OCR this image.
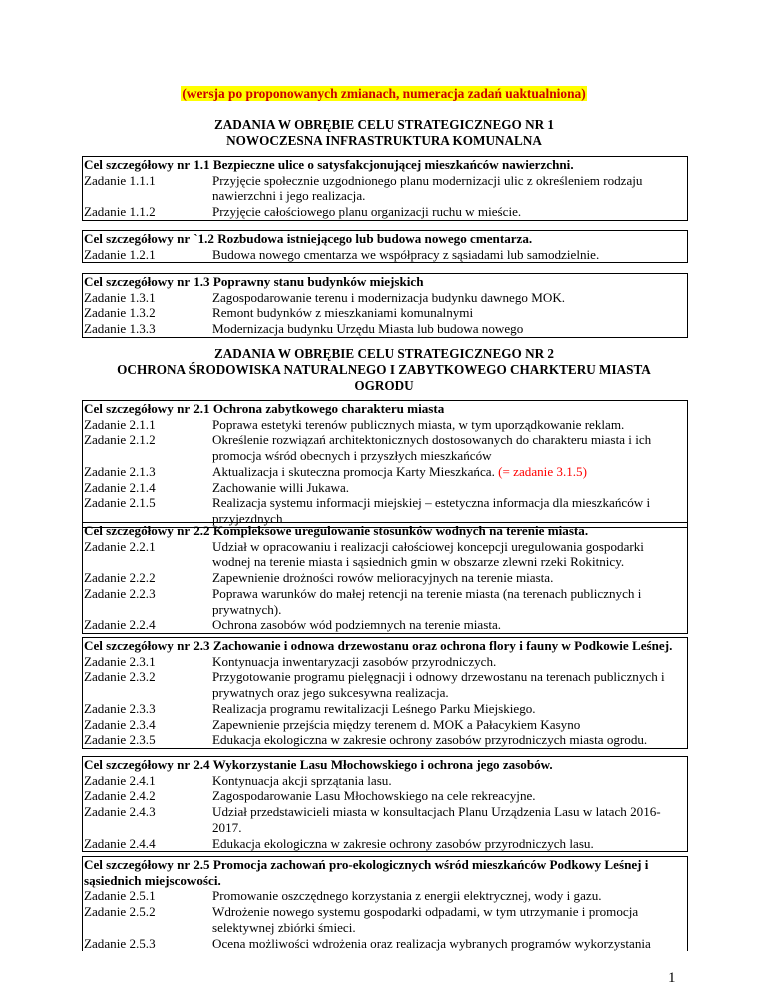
(wersja po proponowanych zmianach, numeracja zadań uaktualniona)
ZADANIA W OBRĘBIE CELU STRATEGICZNEGO NR 1
NOWOCZESNA INFRASTRUKTURA KOMUNALNA
Cel szczegółowy nr 1.1 Bezpieczne ulice o satysfakcjonującej mieszkańców nawierzchni.
Zadanie 1.1.1	Przyjęcie społecznie uzgodnionego planu modernizacji ulic z określeniem rodzaju nawierzchni i jego realizacja.
Zadanie 1.1.2	Przyjęcie całościowego planu organizacji ruchu w mieście.
Cel szczegółowy nr `1.2 Rozbudowa istniejącego lub budowa nowego cmentarza.
Zadanie 1.2.1	Budowa nowego cmentarza we współpracy z sąsiadami lub samodzielnie.
Cel szczegółowy nr 1.3 Poprawny stanu budynków miejskich
Zadanie 1.3.1	Zagospodarowanie terenu i modernizacja budynku dawnego MOK.
Zadanie 1.3.2	Remont budynków z mieszkaniami komunalnymi
Zadanie 1.3.3	Modernizacja budynku Urzędu Miasta lub budowa nowego
ZADANIA W OBRĘBIE CELU STRATEGICZNEGO NR 2
OCHRONA ŚRODOWISKA NATURALNEGO I ZABYTKOWEGO CHARKTERU MIASTA
OGRODU
Cel szczegółowy nr 2.1 Ochrona zabytkowego charakteru miasta
Zadanie 2.1.1	Poprawa estetyki terenów publicznych miasta, w tym uporządkowanie reklam.
Zadanie 2.1.2	Określenie rozwiązań architektonicznych dostosowanych do charakteru miasta i ich promocja wśród obecnych i przyszłych mieszkańców
Zadanie 2.1.3	Aktualizacja i skuteczna promocja Karty Mieszkańca. (= zadanie 3.1.5)
Zadanie 2.1.4	Zachowanie willi Jukawa.
Zadanie 2.1.5	Realizacja systemu informacji miejskiej – estetyczna informacja dla mieszkańców i przyjezdnych
Cel szczegółowy nr 2.2 Kompleksowe uregulowanie stosunków wodnych na terenie miasta.
Zadanie 2.2.1	Udział w opracowaniu i realizacji całościowej koncepcji uregulowania gospodarki wodnej na terenie miasta i sąsiednich gmin w obszarze zlewni rzeki Rokitnicy.
Zadanie 2.2.2	Zapewnienie drożności rowów melioracyjnych na terenie miasta.
Zadanie 2.2.3	Poprawa warunków do małej retencji na terenie miasta (na terenach publicznych i prywatnych).
Zadanie 2.2.4	Ochrona zasobów wód podziemnych na terenie miasta.
Cel szczegółowy nr 2.3 Zachowanie i odnowa drzewostanu oraz ochrona flory i fauny w Podkowie Leśnej.
Zadanie 2.3.1	Kontynuacja inwentaryzacji zasobów przyrodniczych.
Zadanie 2.3.2	Przygotowanie programu pielęgnacji i odnowy drzewostanu na terenach publicznych i prywatnych oraz jego sukcesywna realizacja.
Zadanie 2.3.3	Realizacja programu rewitalizacji Leśnego Parku Miejskiego.
Zadanie 2.3.4	Zapewnienie przejścia między terenem d. MOK a Pałacykiem Kasyno
Zadanie 2.3.5	Edukacja ekologiczna w zakresie ochrony zasobów przyrodniczych miasta ogrodu.
Cel szczegółowy nr 2.4 Wykorzystanie Lasu Młochowskiego i ochrona jego zasobów.
Zadanie 2.4.1	Kontynuacja akcji sprzątania lasu.
Zadanie 2.4.2	Zagospodarowanie Lasu Młochowskiego na cele rekreacyjne.
Zadanie 2.4.3	Udział przedstawicieli miasta w konsultacjach Planu Urządzenia Lasu w latach 2016-2017.
Zadanie 2.4.4	Edukacja ekologiczna w zakresie ochrony zasobów przyrodniczych lasu.
Cel szczegółowy nr 2.5 Promocja zachowań pro-ekologicznych wśród mieszkańców Podkowy Leśnej i sąsiednich miejscowości.
Zadanie 2.5.1	Promowanie oszczędnego korzystania z energii elektrycznej, wody i gazu.
Zadanie 2.5.2	Wdrożenie nowego systemu gospodarki odpadami, w tym utrzymanie i promocja selektywnej zbiórki śmieci.
Zadanie 2.5.3	Ocena możliwości wdrożenia oraz realizacja wybranych programów wykorzystania
1
